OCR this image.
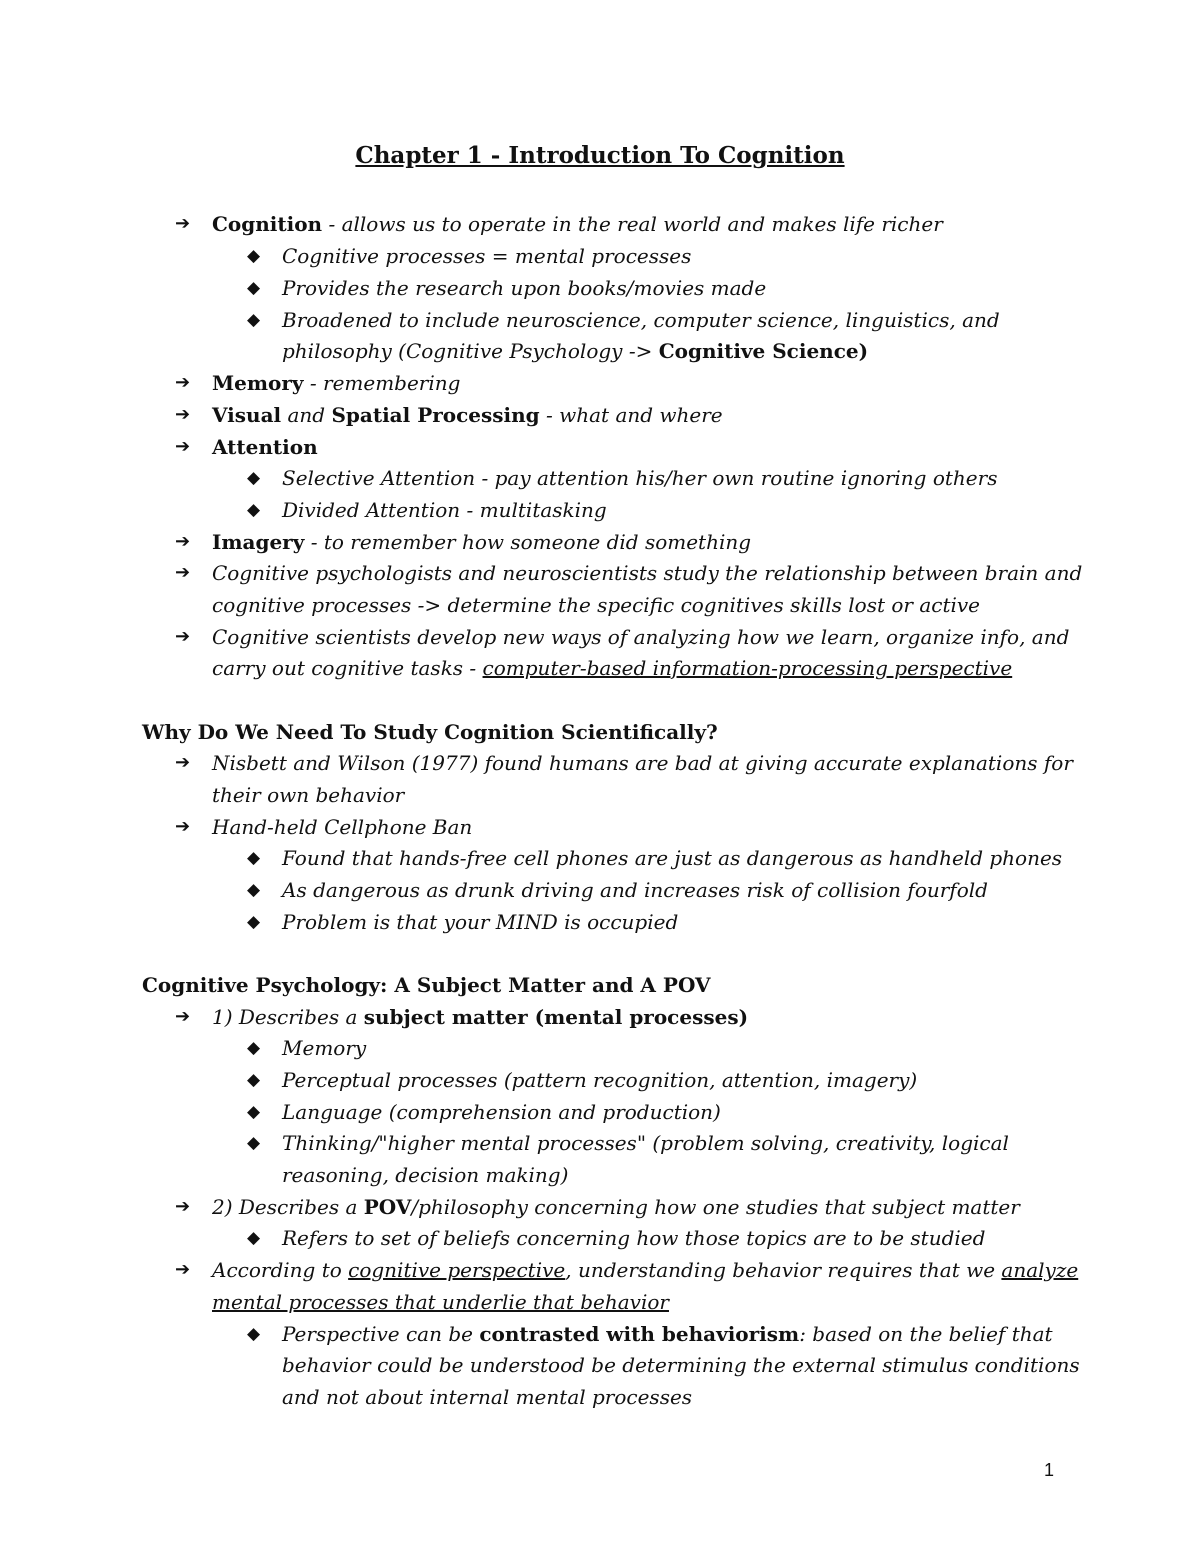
Chapter 1 - Introduction To Cognition
➔ Cognition - allows us to operate in the real world and makes life richer
◆ Cognitive processes = mental processes
◆ Provides the research upon books/movies made
◆ Broadened to include neuroscience, computer science, linguistics, and
philosophy (Cognitive Psychology -> Cognitive Science)
➔ Memory - remembering
➔ Visual and Spatial Processing - what and where
➔ Attention
◆ Selective Attention - pay attention his/her own routine ignoring others
◆ Divided Attention - multitasking
➔ Imagery - to remember how someone did something
➔ Cognitive psychologists and neuroscientists study the relationship between brain and
cognitive processes -> determine the specific cognitives skills lost or active
➔ Cognitive scientists develop new ways of analyzing how we learn, organize info, and
carry out cognitive tasks - computer-based information-processing perspective
Why Do We Need To Study Cognition Scientifically?
➔ Nisbett and Wilson (1977) found humans are bad at giving accurate explanations for
their own behavior
➔ Hand-held Cellphone Ban
◆ Found that hands-free cell phones are just as dangerous as handheld phones
◆ As dangerous as drunk driving and increases risk of collision fourfold
◆ Problem is that your MIND is occupied
Cognitive Psychology: A Subject Matter and A POV
➔ 1) Describes a subject matter (mental processes)
◆ Memory
◆ Perceptual processes (pattern recognition, attention, imagery)
◆ Language (comprehension and production)
◆ Thinking/"higher mental processes" (problem solving, creativity, logical
reasoning, decision making)
➔ 2) Describes a POV/philosophy concerning how one studies that subject matter
◆ Refers to set of beliefs concerning how those topics are to be studied
➔ According to cognitive perspective, understanding behavior requires that we analyze
mental processes that underlie that behavior
◆ Perspective can be contrasted with behaviorism: based on the belief that
behavior could be understood be determining the external stimulus conditions
and not about internal mental processes
1
